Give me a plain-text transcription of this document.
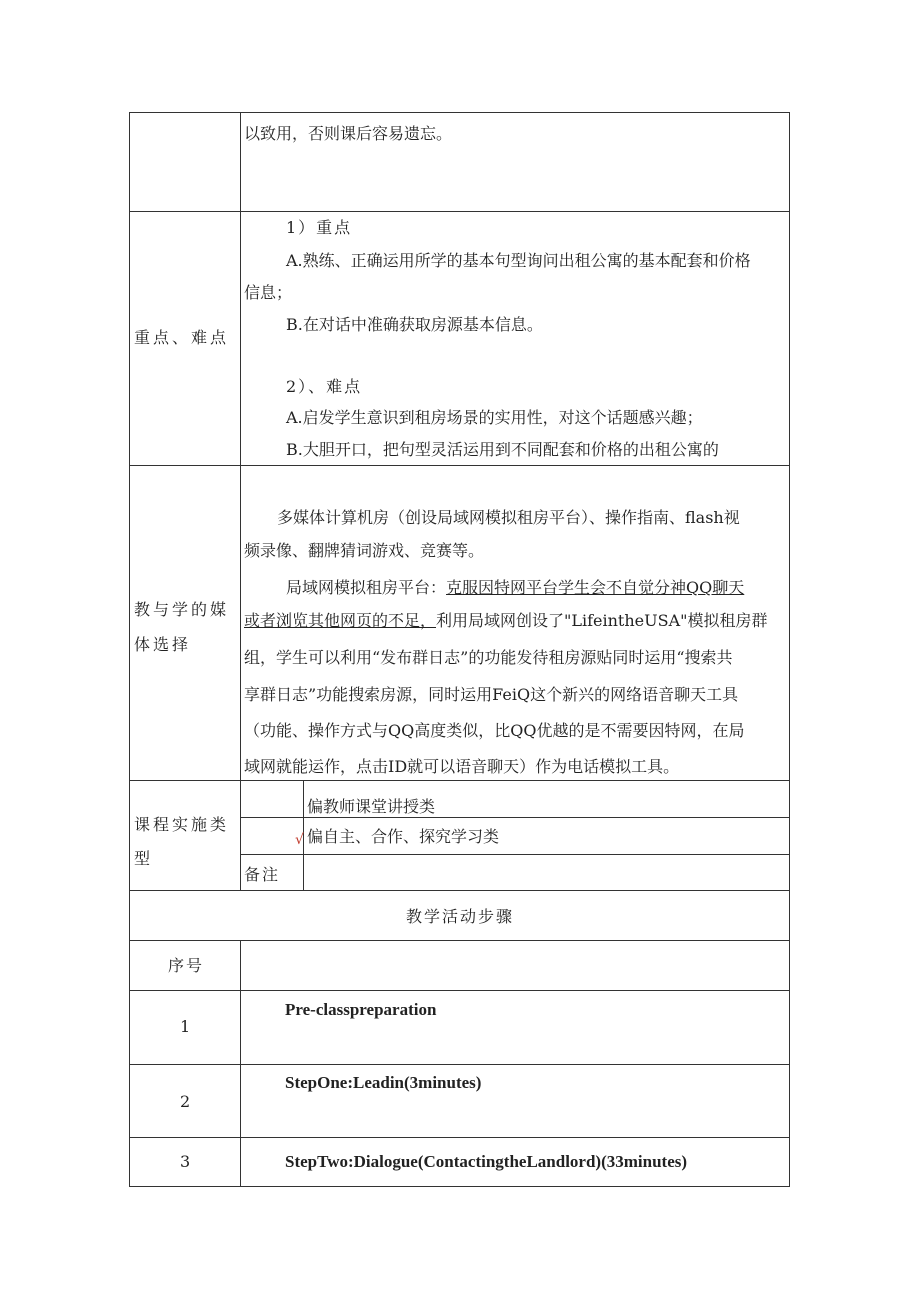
以致用，否则课后容易遗忘。
重点、难点
1）重点
A.熟练、正确运用所学的基本句型询问出租公寓的基本配套和价格
信息；
B.在对话中准确获取房源基本信息。
2）、难点
A.启发学生意识到租房场景的实用性，对这个话题感兴趣；
B.大胆开口，把句型灵活运用到不同配套和价格的出租公寓的
教与学的媒
体选择
多媒体计算机房（创设局域网模拟租房平台）、操作指南、flash视
频录像、翻牌猜词游戏、竞赛等。
局域网模拟租房平台：克服因特网平台学生会不自觉分神QQ聊天
或者浏览其他网页的不足，利用局域网创设了"LifeintheUSA"模拟租房群
组，学生可以利用“发布群日志”的功能发待租房源贴同时运用“搜索共
享群日志”功能搜索房源，同时运用FeiQ这个新兴的网络语音聊天工具
（功能、操作方式与QQ高度类似，比QQ优越的是不需要因特网，在局
域网就能运作，点击ID就可以语音聊天）作为电话模拟工具。
课程实施类
型
偏教师课堂讲授类
√ 偏自主、合作、探究学习类
备注
教学活动步骤
序号
1
Pre-classpreparation
2
StepOne:Leadin(3minutes)
3	StepTwo:Dialogue(ContactingtheLandlord)(33minutes)
